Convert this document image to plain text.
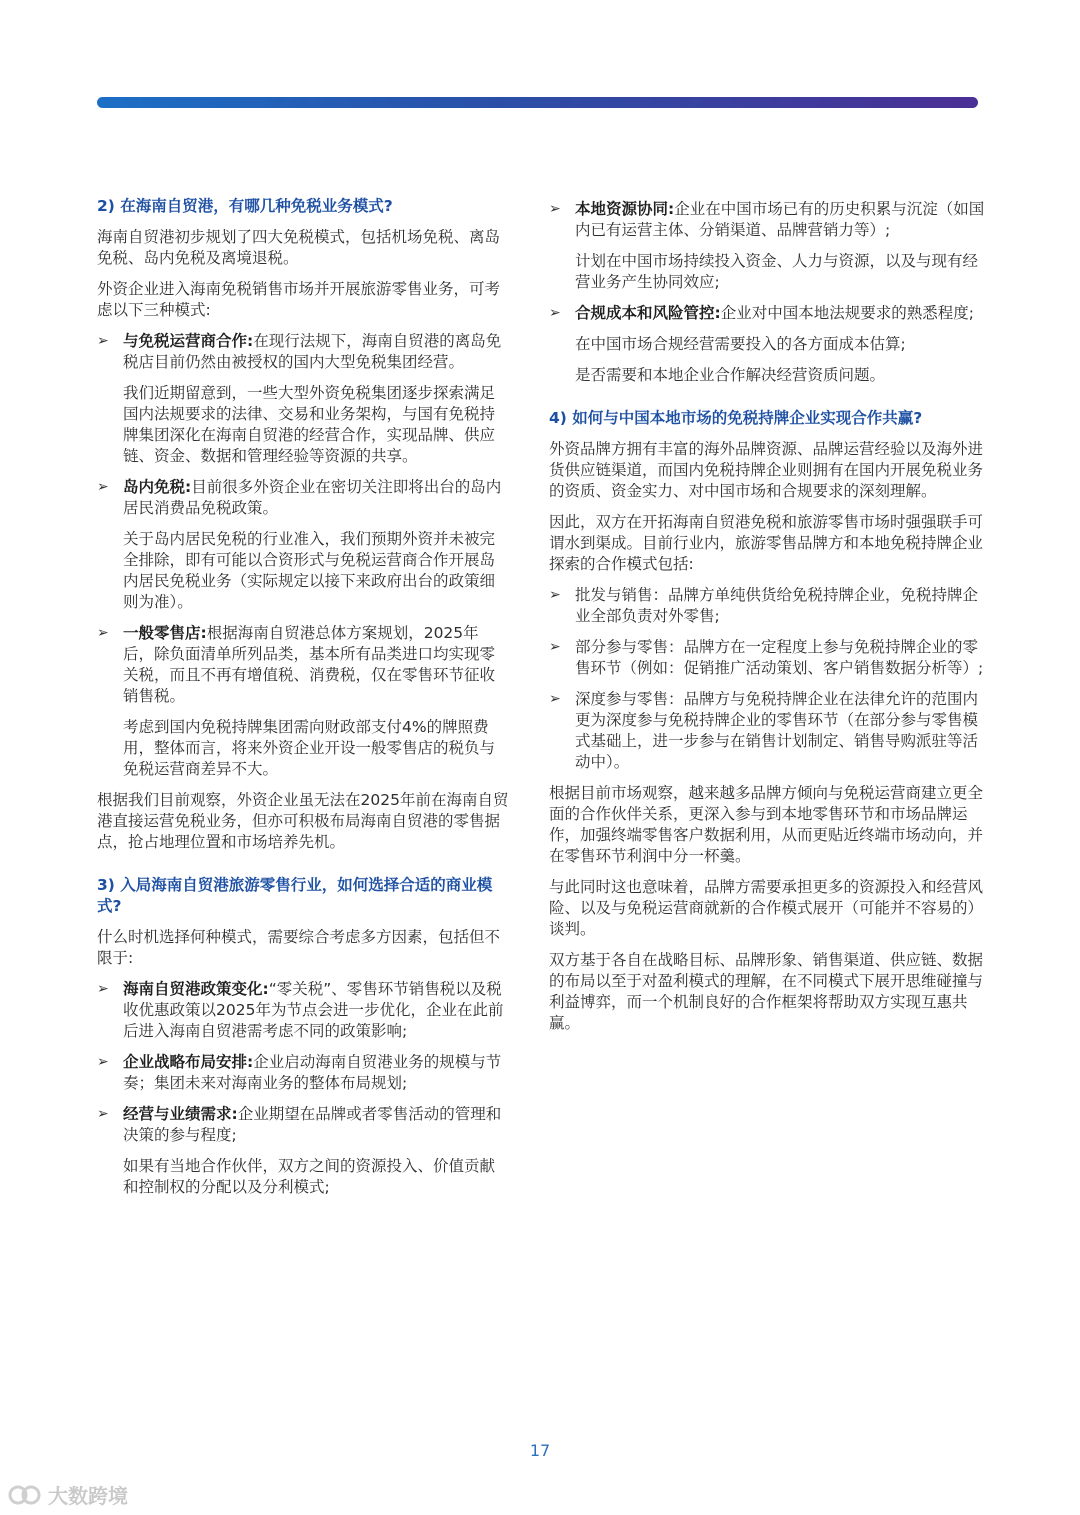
2) 在海南自贸港，有哪几种免税业务模式?

海南自贸港初步规划了四大免税模式，包括机场免税、离岛免税、岛内免税及离境退税。

外资企业进入海南免税销售市场并开展旅游零售业务，可考虑以下三种模式:

➢ 与免税运营商合作:在现行法规下，海南自贸港的离岛免税店目前仍然由被授权的国内大型免税集团经营。

我们近期留意到，一些大型外资免税集团逐步探索满足国内法规要求的法律、交易和业务架构，与国有免税持牌集团深化在海南自贸港的经营合作，实现品牌、供应链、资金、数据和管理经验等资源的共享。

➢ 岛内免税:目前很多外资企业在密切关注即将出台的岛内居民消费品免税政策。

关于岛内居民免税的行业准入，我们预期外资并未被完全排除，即有可能以合资形式与免税运营商合作开展岛内居民免税业务（实际规定以接下来政府出台的政策细则为准）。

➢ 一般零售店:根据海南自贸港总体方案规划，2025年后，除负面清单所列品类，基本所有品类进口均实现零关税，而且不再有增值税、消费税，仅在零售环节征收销售税。

考虑到国内免税持牌集团需向财政部支付4%的牌照费用，整体而言，将来外资企业开设一般零售店的税负与免税运营商差异不大。

根据我们目前观察，外资企业虽无法在2025年前在海南自贸港直接运营免税业务，但亦可积极布局海南自贸港的零售据点，抢占地理位置和市场培养先机。

3) 入局海南自贸港旅游零售行业，如何选择合适的商业模式?

什么时机选择何种模式，需要综合考虑多方因素，包括但不限于:

➢ 海南自贸港政策变化:“零关税”、零售环节销售税以及税收优惠政策以2025年为节点会进一步优化，企业在此前后进入海南自贸港需考虑不同的政策影响;
➢ 企业战略布局安排:企业启动海南自贸港业务的规模与节奏；集团未来对海南业务的整体布局规划;
➢ 经营与业绩需求:企业期望在品牌或者零售活动的管理和决策的参与程度;

如果有当地合作伙伴，双方之间的资源投入、价值贡献和控制权的分配以及分利模式;

➢ 本地资源协同:企业在中国市场已有的历史积累与沉淀（如国内已有运营主体、分销渠道、品牌营销力等）;

计划在中国市场持续投入资金、人力与资源，以及与现有经营业务产生协同效应;

➢ 合规成本和风险管控:企业对中国本地法规要求的熟悉程度;

在中国市场合规经营需要投入的各方面成本估算;

是否需要和本地企业合作解决经营资质问题。

4) 如何与中国本地市场的免税持牌企业实现合作共赢?

外资品牌方拥有丰富的海外品牌资源、品牌运营经验以及海外进货供应链渠道，而国内免税持牌企业则拥有在国内开展免税业务的资质、资金实力、对中国市场和合规要求的深刻理解。

因此，双方在开拓海南自贸港免税和旅游零售市场时强强联手可谓水到渠成。目前行业内，旅游零售品牌方和本地免税持牌企业探索的合作模式包括:

➢ 批发与销售：品牌方单纯供货给免税持牌企业，免税持牌企业全部负责对外零售;
➢ 部分参与零售：品牌方在一定程度上参与免税持牌企业的零售环节（例如：促销推广活动策划、客户销售数据分析等）;
➢ 深度参与零售：品牌方与免税持牌企业在法律允许的范围内更为深度参与免税持牌企业的零售环节（在部分参与零售模式基础上，进一步参与在销售计划制定、销售导购派驻等活动中）。

根据目前市场观察，越来越多品牌方倾向与免税运营商建立更全面的合作伙伴关系，更深入参与到本地零售环节和市场品牌运作，加强终端零售客户数据利用，从而更贴近终端市场动向，并在零售环节利润中分一杯羹。

与此同时这也意味着，品牌方需要承担更多的资源投入和经营风险、以及与免税运营商就新的合作模式展开（可能并不容易的）谈判。

双方基于各自在战略目标、品牌形象、销售渠道、供应链、数据的布局以至于对盈利模式的理解，在不同模式下展开思维碰撞与利益博弈，而一个机制良好的合作框架将帮助双方实现互惠共赢。

17
大数跨境
